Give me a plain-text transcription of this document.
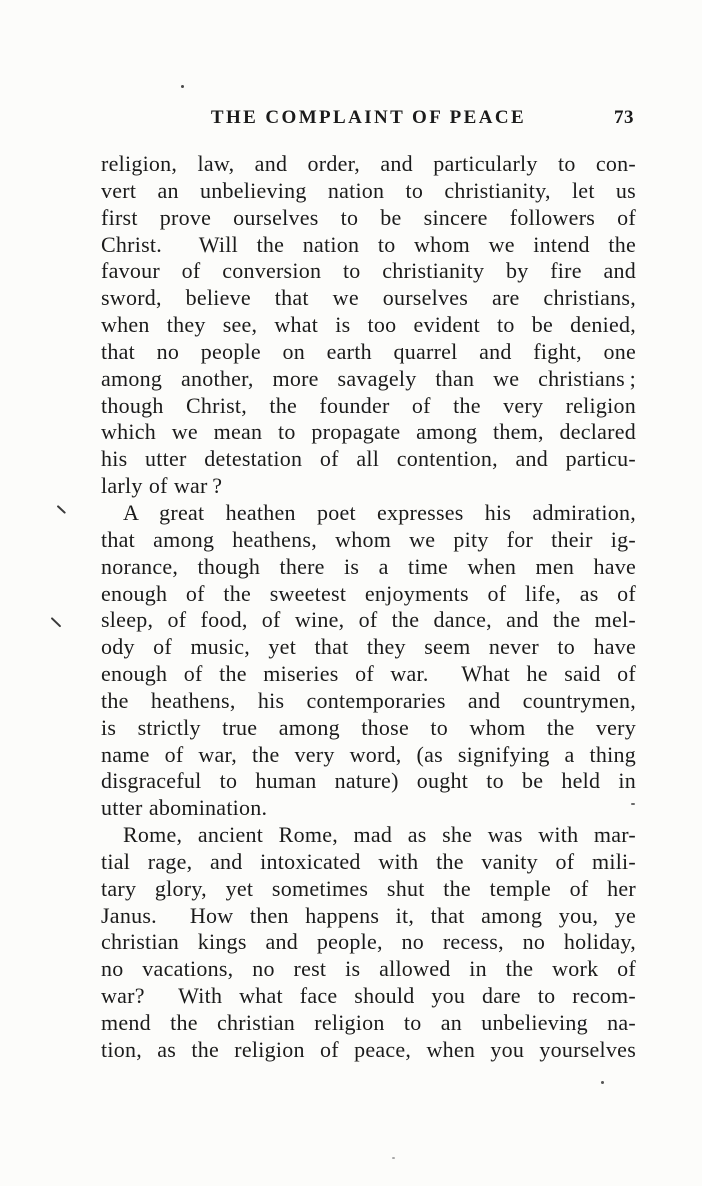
THE COMPLAINT OF PEACE	73
religion, law, and order, and particularly to con-
vert an unbelieving nation to christianity, let us
first prove ourselves to be sincere followers of
Christ.  Will the nation to whom we intend the
favour of conversion to christianity by fire and
sword, believe that we ourselves are christians,
when they see, what is too evident to be denied,
that no people on earth quarrel and fight, one
among another, more savagely than we christians ;
though Christ, the founder of the very religion
which we mean to propagate among them, declared
his utter detestation of all contention, and particu-
larly of war ?
A great heathen poet expresses his admiration,
that among heathens, whom we pity for their ig-
norance, though there is a time when men have
enough of the sweetest enjoyments of life, as of
sleep, of food, of wine, of the dance, and the mel-
ody of music, yet that they seem never to have
enough of the miseries of war.  What he said of
the heathens, his contemporaries and countrymen,
is strictly true among those to whom the very
name of war, the very word, (as signifying a thing
disgraceful to human nature) ought to be held in
utter abomination.
Rome, ancient Rome, mad as she was with mar-
tial rage, and intoxicated with the vanity of mili-
tary glory, yet sometimes shut the temple of her
Janus.  How then happens it, that among you, ye
christian kings and people, no recess, no holiday,
no vacations, no rest is allowed in the work of
war?  With what face should you dare to recom-
mend the christian religion to an unbelieving na-
tion, as the religion of peace, when you yourselves
